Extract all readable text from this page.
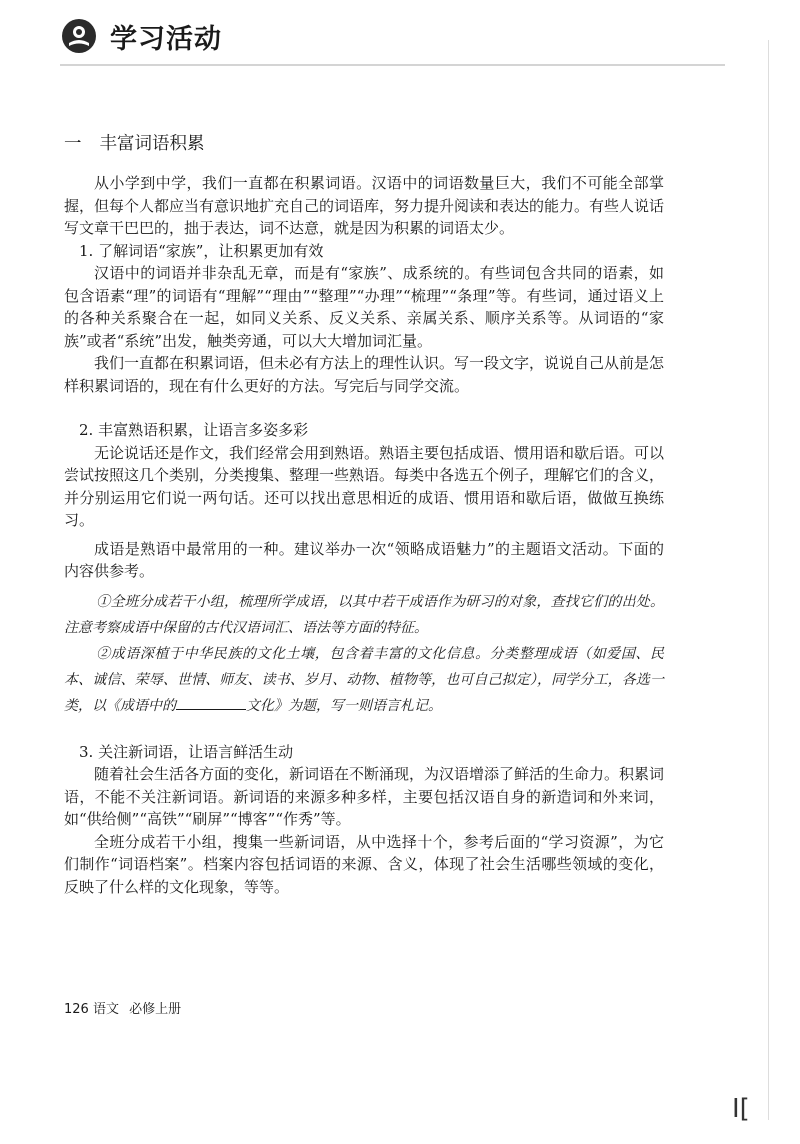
学习活动
一 丰富词语积累

从小学到中学，我们一直都在积累词语。汉语中的词语数量巨大，我们不可能全部掌握，但每个人都应当有意识地扩充自己的词语库，努力提升阅读和表达的能力。有些人说话写文章干巴巴的，拙于表达，词不达意，就是因为积累的词语太少。

1. 了解词语“家族”，让积累更加有效

汉语中的词语并非杂乱无章，而是有“家族”、成系统的。有些词包含共同的语素，如包含语素“理”的词语有“理解”“理由”“整理”“办理”“梳理”“条理”等。有些词，通过语义上的各种关系聚合在一起，如同义关系、反义关系、亲属关系、顺序关系等。从词语的“家族”或者“系统”出发，触类旁通，可以大大增加词汇量。

我们一直都在积累词语，但未必有方法上的理性认识。写一段文字，说说自己从前是怎样积累词语的，现在有什么更好的方法。写完后与同学交流。

2. 丰富熟语积累，让语言多姿多彩

无论说话还是作文，我们经常会用到熟语。熟语主要包括成语、惯用语和歇后语。可以尝试按照这几个类别，分类搜集、整理一些熟语。每类中各选五个例子，理解它们的含义，并分别运用它们说一两句话。还可以找出意思相近的成语、惯用语和歇后语，做做互换练习。

成语是熟语中最常用的一种。建议举办一次“领略成语魅力”的主题语文活动。下面的内容供参考。

①全班分成若干小组，梳理所学成语，以其中若干成语作为研习的对象，查找它们的出处。注意考察成语中保留的古代汉语词汇、语法等方面的特征。
②成语深植于中华民族的文化土壤，包含着丰富的文化信息。分类整理成语（如爱国、民本、诚信、荣辱、世情、师友、读书、岁月、动物、植物等，也可自己拟定），同学分工，各选一类，以《成语中的	文化》为题，写一则语言札记。
3. 关注新词语，让语言鲜活生动

随着社会生活各方面的变化，新词语在不断涌现，为汉语增添了鲜活的生命力。积累词语，不能不关注新词语。新词语的来源多种多样，主要包括汉语自身的新造词和外来词，如“供给侧”“高铁”“刷屏”“博客”“作秀”等。

全班分成若干小组，搜集一些新词语，从中选择十个，参考后面的“学习资源”，为它们制作“词语档案”。档案内容包括词语的来源、含义，体现了社会生活哪些领域的变化，反映了什么样的文化现象，等等。

126 语文 必修上册
I[
